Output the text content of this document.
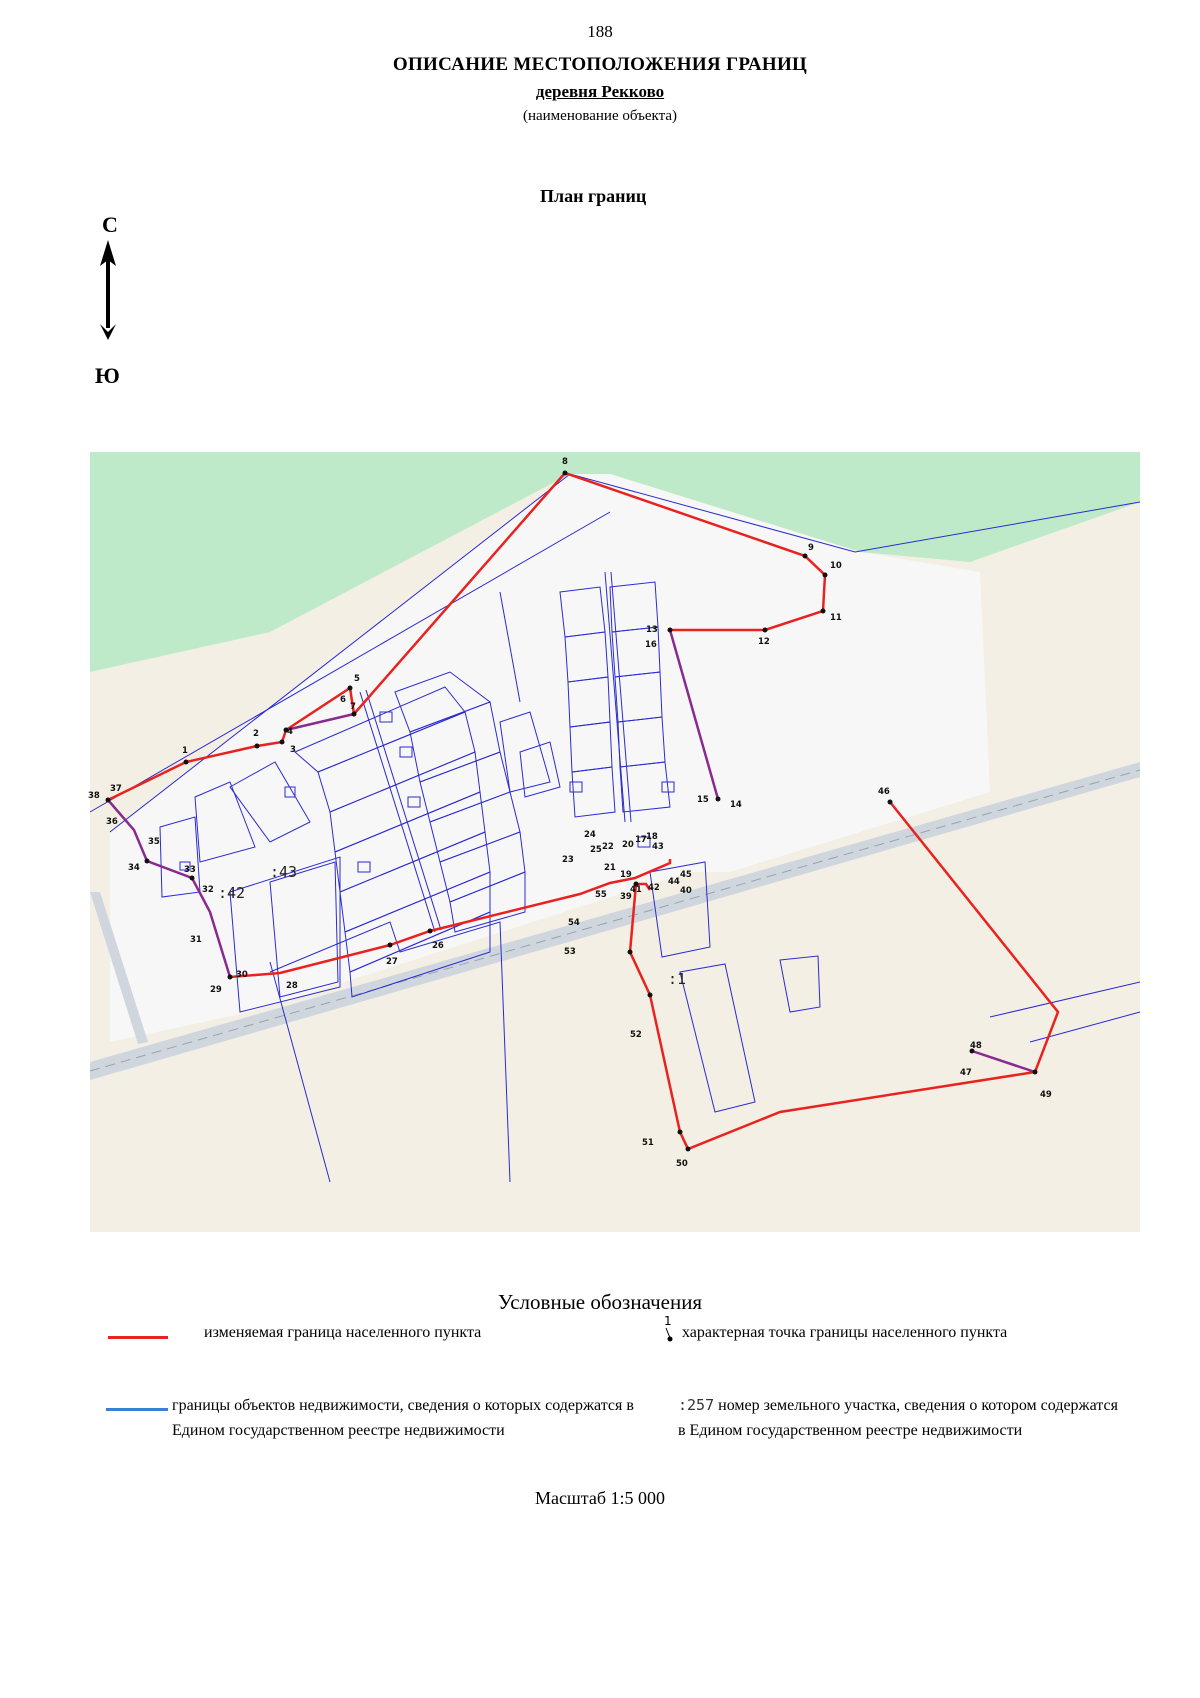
188
ОПИСАНИЕ МЕСТОПОЛОЖЕНИЯ ГРАНИЦ
деревня Рекково
(наименование объекта)
План границ
С
Ю
1
2
3
4
5
6
7
8
9
10
11
12
13
14
15
46
37
38
36
35
34	33
32
31
30
29	28
27
26
23
25 22 20
18
43
21
19
41 42
44
45
39
55
54
53
52
51
50
49
47
48
16
17
24
40
:42
:43
:1
Условные обозначения
изменяемая граница населенного пункта
1
характерная точка границы населенного пункта
границы объектов недвижимости, сведения о которых содержатся в Едином государственном реестре недвижимости
:257 номер земельного участка, сведения о котором содержатся в Едином государственном реестре недвижимости
Масштаб 1:5 000
